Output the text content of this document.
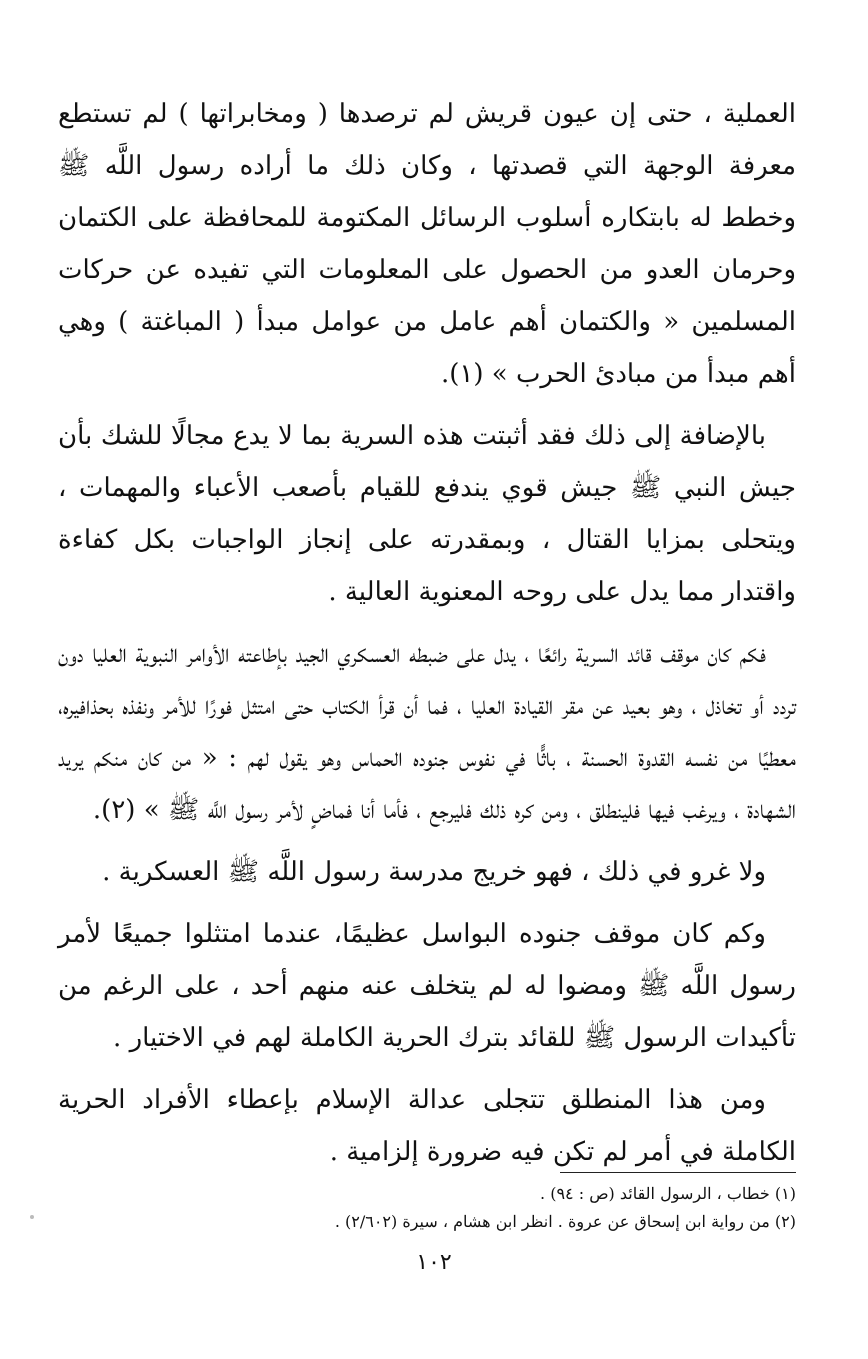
العملية ، حتى إن عيون قريش لم ترصدها ( ومخابراتها ) لم تستطع معرفة الوجهة التي قصدتها ، وكان ذلك ما أراده رسول اللَّه ﷺ وخطط له بابتكاره أسلوب الرسائل المكتومة للمحافظة على الكتمان وحرمان العدو من الحصول على المعلومات التي تفيده عن حركات المسلمين « والكتمان أهم عامل من عوامل مبدأ ( المباغتة ) وهي أهم مبدأ من مبادئ الحرب » (١).

بالإضافة إلى ذلك فقد أثبتت هذه السرية بما لا يدع مجالًا للشك بأن جيش النبي ﷺ جيش قوي يندفع للقيام بأصعب الأعباء والمهمات ، ويتحلى بمزايا القتال ، وبمقدرته على إنجاز الواجبات بكل كفاءة واقتدار مما يدل على روحه المعنوية العالية .

فكم كان موقف قائد السرية رائعًا ، يدل على ضبطه العسكري الجيد بإطاعته الأوامر النبوية العليا دون تردد أو تخاذل ، وهو بعيد عن مقر القيادة العليا ، فما أن قرأ الكتاب حتى امتثل فورًا للأمر ونفذه بحذافيره، معطيًا من نفسه القدوة الحسنة ، باثًّا في نفوس جنوده الحماس وهو يقول لهم : « من كان منكم يريد الشهادة ، ويرغب فيها فلينطلق ، ومن كره ذلك فليرجع ، فأما أنا فماضٍ لأمر رسول اللَّه ﷺ » (٢).

ولا غرو في ذلك ، فهو خريج مدرسة رسول اللَّه ﷺ العسكرية .

وكم كان موقف جنوده البواسل عظيمًا، عندما امتثلوا جميعًا لأمر رسول اللَّه ﷺ ومضوا له لم يتخلف عنه منهم أحد ، على الرغم من تأكيدات الرسول ﷺ للقائد بترك الحرية الكاملة لهم في الاختيار .

ومن هذا المنطلق تتجلى عدالة الإسلام بإعطاء الأفراد الحرية الكاملة في أمر لم تكن فيه ضرورة إلزامية .

(١) خطاب ، الرسول القائد (ص : ٩٤) .

(٢) من رواية ابن إسحاق عن عروة . انظر ابن هشام ، سيرة (٢/٦٠٢) .

١٠٢
